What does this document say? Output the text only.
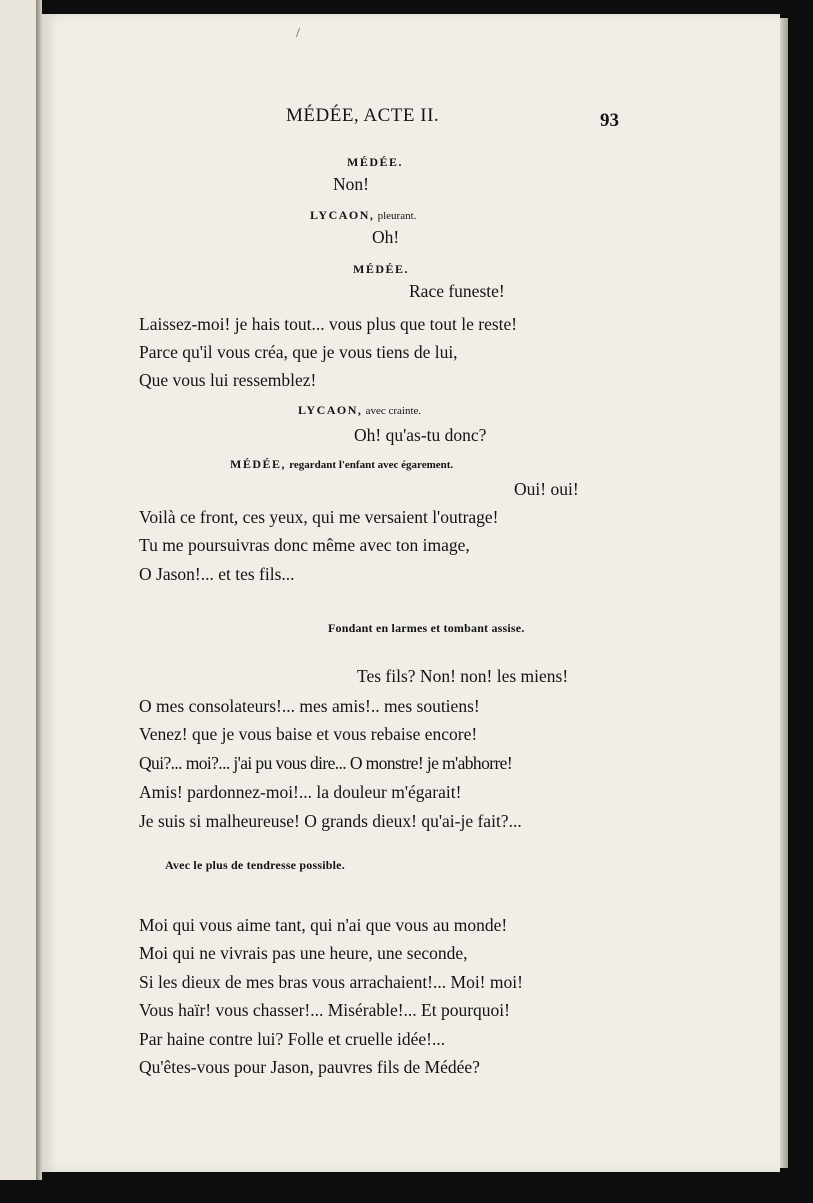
/
MÉDÉE, ACTE II.	93
MÉDÉE.
Non!
LYCAON, pleurant.
Oh!
MÉDÉE.
Race funeste!
Laissez-moi! je hais tout... vous plus que tout le reste!
Parce qu'il vous créa, que je vous tiens de lui,
Que vous lui ressemblez!
LYCAON, avec crainte.
Oh! qu'as-tu donc?
MÉDÉE, regardant l'enfant avec égarement.
Oui! oui!
Voilà ce front, ces yeux, qui me versaient l'outrage!
Tu me poursuivras donc même avec ton image,
O Jason!... et tes fils...
Fondant en larmes et tombant assise.
Tes fils? Non! non! les miens!
O mes consolateurs!... mes amis!.. mes soutiens!
Venez! que je vous baise et vous rebaise encore!
Qui?... moi?... j'ai pu vous dire... O monstre! je m'abhorre!
Amis! pardonnez-moi!... la douleur m'égarait!
Je suis si malheureuse! O grands dieux! qu'ai-je fait?...
Avec le plus de tendresse possible.
Moi qui vous aime tant, qui n'ai que vous au monde!
Moi qui ne vivrais pas une heure, une seconde,
Si les dieux de mes bras vous arrachaient!... Moi! moi!
Vous haïr! vous chasser!... Misérable!... Et pourquoi!
Par haine contre lui? Folle et cruelle idée!...
Qu'êtes-vous pour Jason, pauvres fils de Médée?
